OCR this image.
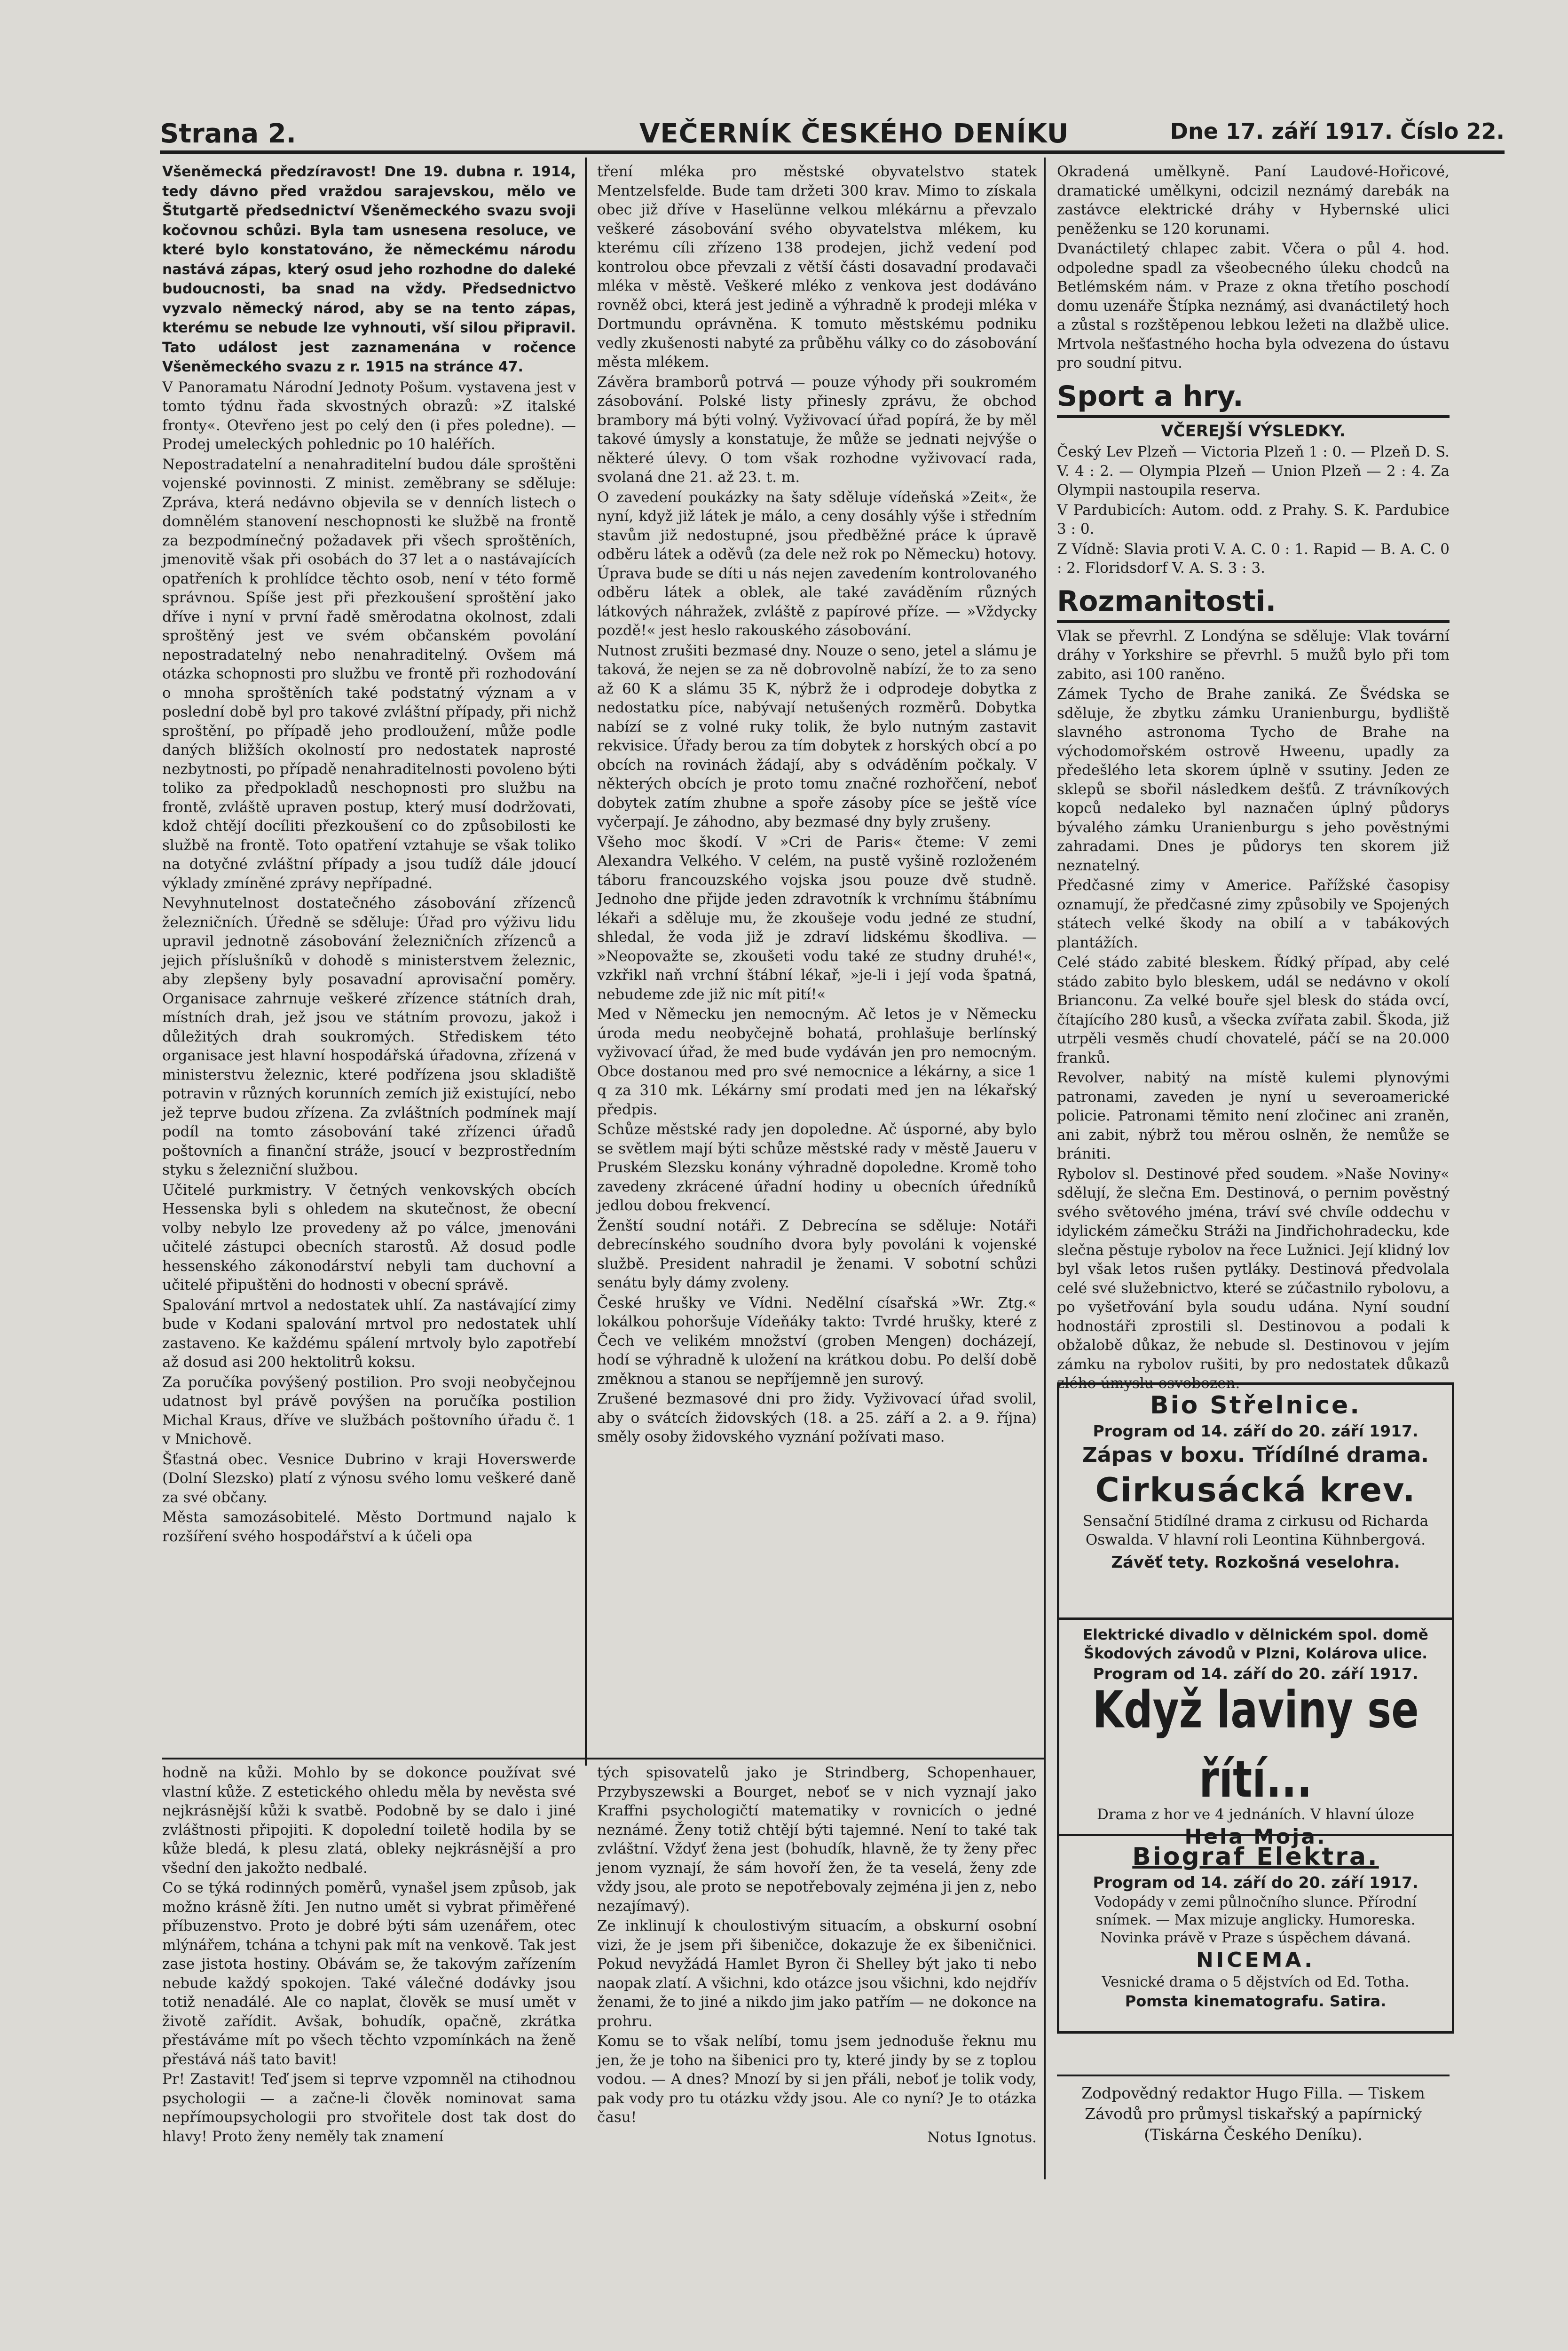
Strana 2.	VEČERNÍK ČESKÉHO DENÍKU	Dne 17. září 1917. Číslo 22.

Všeněmecká předzíravost! Dne 19. dubna r. 1914, tedy dávno před vraždou sarajevskou, mělo ve Štutgartě předsednictví Všeněmeckého svazu svoji kočovnou schůzi. Byla tam usnesena resoluce, ve které bylo konstatováno, že německému národu nastává zápas, který osud jeho rozhodne do daleké budoucnosti, ba snad na vždy. Předsednictvo vyzvalo německý národ, aby se na tento zápas, kterému se nebude lze vyhnouti, vší silou připravil. Tato událost jest zaznamenána v ročence Všeněmeckého svazu z r. 1915 na stránce 47.

V Panoramatu Národní Jednoty Pošum. vystavena jest v tomto týdnu řada skvostných obrazů: »Z italské fronty«. Otevřeno jest po celý den (i přes poledne). — Prodej umeleckých pohlednic po 10 haléřích.

Nepostradatelní a nenahraditelní budou dále sproštěni vojenské povinnosti. Z minist. zeměbrany se sděluje: Zpráva, která nedávno objevila se v denních listech o domnělém stanovení neschopnosti ke službě na frontě za bezpodmínečný požadavek při všech sproštěních, jmenovitě však při osobách do 37 let a o nastávajících opatřeních k prohlídce těchto osob, není v této formě správnou. Spíše jest při přezkoušení sproštění jako dříve i nyní v první řadě směrodatna okolnost, zdali sproštěný jest ve svém občanském povolání nepostradatelný nebo nenahraditelný. Ovšem má otázka schopnosti pro službu ve frontě při rozhodování o mnoha sproštěních také podstatný význam a v poslední době byl pro takové zvláštní případy, při nichž sproštění, po případě jeho prodloužení, může podle daných bližších okolností pro nedostatek naprosté nezbytnosti, po případě nenahraditelnosti povoleno býti toliko za předpokladů neschopnosti pro službu na frontě, zvláště upraven postup, který musí dodržovati, kdož chtějí docíliti přezkoušení co do způsobilosti ke službě na frontě. Toto opatření vztahuje se však toliko na dotyčné zvláštní případy a jsou tudíž dále jdoucí výklady zmíněné zprávy nepřípadné.

Nevyhnutelnost dostatečného zásobování zřízenců železničních. Úředně se sděluje: Úřad pro výživu lidu upravil jednotně zásobování železničních zřízenců a jejich příslušníků v dohodě s ministerstvem železnic, aby zlepšeny byly posavadní aprovisační poměry. Organisace zahrnuje veškeré zřízence státních drah, místních drah, jež jsou ve státním provozu, jakož i důležitých drah soukromých. Střediskem této organisace jest hlavní hospodářská úřadovna, zřízená v ministerstvu železnic, které podřízena jsou skladiště potravin v různých korunních zemích již existující, nebo jež teprve budou zřízena. Za zvláštních podmínek mají podíl na tomto zásobování také zřízenci úřadů poštovních a finanční stráže, jsoucí v bezprostředním styku s železniční službou.

Učitelé purkmistry. V četných venkovských obcích Hessenska byli s ohledem na skutečnost, že obecní volby nebylo lze provedeny až po válce, jmenováni učitelé zástupci obecních starostů. Až dosud podle hessenského zákonodárství nebyli tam duchovní a učitelé připuštěni do hodnosti v obecní správě.

Spalování mrtvol a nedostatek uhlí. Za nastávající zimy bude v Kodani spalování mrtvol pro nedostatek uhlí zastaveno. Ke každému spálení mrtvoly bylo zapotřebí až dosud asi 200 hektolitrů koksu.

Za poručíka povýšený postilion. Pro svoji neobyčejnou udatnost byl právě povýšen na poručíka postilion Michal Kraus, dříve ve službách poštovního úřadu č. 1 v Mnichově.

Šťastná obec. Vesnice Dubrino v kraji Hoverswerde (Dolní Slezsko) platí z výnosu svého lomu veškeré daně za své občany.

Města samozásobitelé. Město Dortmund najalo k rozšíření svého hospodářství a k účeli opa

tření mléka pro městské obyvatelstvo statek Mentzelsfelde. Bude tam držeti 300 krav. Mimo to získala obec již dříve v Haselünne velkou mlékárnu a převzalo veškeré zásobování svého obyvatelstva mlékem, ku kterému cíli zřízeno 138 prodejen, jichž vedení pod kontrolou obce převzali z větší části dosavadní prodavači mléka v městě. Veškeré mléko z venkova jest dodáváno rovněž obci, která jest jedině a výhradně k prodeji mléka v Dortmundu oprávněna. K tomuto městskému podniku vedly zkušenosti nabyté za průběhu války co do zásobování města mlékem.

Závěra bramborů potrvá — pouze výhody při soukromém zásobování. Polské listy přinesly zprávu, že obchod brambory má býti volný. Vyživovací úřad popírá, že by měl takové úmysly a konstatuje, že může se jednati nejvýše o některé úlevy. O tom však rozhodne vyživovací rada, svolaná dne 21. až 23. t. m.

O zavedení poukázky na šaty sděluje vídeňská »Zeit«, že nyní, když již látek je málo, a ceny dosáhly výše i středním stavům již nedostupné, jsou předběžné práce k úpravě odběru látek a oděvů (za dele než rok po Německu) hotovy. Úprava bude se díti u nás nejen zavedením kontrolovaného odběru látek a oblek, ale také zaváděním různých látkových náhražek, zvláště z papírové příze. — »Vždycky pozdě!« jest heslo rakouského zásobování.

Nutnost zrušiti bezmasé dny. Nouze o seno, jetel a slámu je taková, že nejen se za ně dobrovolně nabízí, že to za seno až 60 K a slámu 35 K, nýbrž že i odprodeje dobytka z nedostatku píce, nabývají netušených rozměrů. Dobytka nabízí se z volné ruky tolik, že bylo nutným zastavit rekvisice. Úřady berou za tím dobytek z horských obcí a po obcích na rovinách žádají, aby s odváděním počkaly. V některých obcích je proto tomu značné rozhořčení, neboť dobytek zatím zhubne a spoře zásoby píce se ještě více vyčerpají. Je záhodno, aby bezmasé dny byly zrušeny.

Všeho moc škodí. V »Cri de Paris« čteme: V zemi Alexandra Velkého. V celém, na pustě vyšině rozloženém táboru francouzského vojska jsou pouze dvě studně. Jednoho dne přijde jeden zdravotník k vrchnímu štábnímu lékaři a sděluje mu, že zkoušeje vodu jedné ze studní, shledal, že voda již je zdraví lidskému škodliva. — »Neopovažte se, zkoušeti vodu také ze studny druhé!«, vzkřikl naň vrchní štábní lékař, »je-li i její voda špatná, nebudeme zde již nic mít pití!«

Med v Německu jen nemocným. Ač letos je v Německu úroda medu neobyčejně bohatá, prohlašuje berlínský vyživovací úřad, že med bude vydáván jen pro nemocným. Obce dostanou med pro své nemocnice a lékárny, a sice 1 q za 310 mk. Lékárny smí prodati med jen na lékařský předpis.

Schůze městské rady jen dopoledne. Ač úsporné, aby bylo se světlem mají býti schůze městské rady v městě Jaueru v Pruském Slezsku konány výhradně dopoledne. Kromě toho zavedeny zkrácené úřadní hodiny u obecních úředníků jedlou dobou frekvencí.

Ženští soudní notáři. Z Debrecína se sděluje: Notáři debrecínského soudního dvora byly povoláni k vojenské službě. President nahradil je ženami. V sobotní schůzi senátu byly dámy zvoleny.

České hrušky ve Vídni. Nedělní císařská »Wr. Ztg.« lokálkou pohoršuje Vídeňáky takto: Tvrdé hrušky, které z Čech ve velikém množství (groben Mengen) docházejí, hodí se výhradně k uložení na krátkou dobu. Po delší době změknou a stanou se nepříjemně jen surový.

Zrušené bezmasové dni pro židy. Vyživovací úřad svolil, aby o svátcích židovských (18. a 25. září a 2. a 9. října) směly osoby židovského vyznání požívati maso.

hodně na kůži. Mohlo by se dokonce používat své vlastní kůže. Z estetického ohledu měla by nevěsta své nejkrásnější kůži k svatbě. Podobně by se dalo i jiné zvláštnosti připojiti. K dopolední toiletě hodila by se kůže bledá, k plesu zlatá, obleky nejkrásnější a pro všední den jakožto nedbalé.

Co se týká rodinných poměrů, vynašel jsem způsob, jak možno krásně žíti. Jen nutno umět si vybrat přiměřené příbuzenstvo. Proto je dobré býti sám uzenářem, otec mlýnářem, tchána a tchyni pak mít na venkově. Tak jest zase jistota hostiny. Obávám se, že takovým zařízením nebude každý spokojen. Také válečné dodávky jsou totiž nenadálé. Ale co naplat, člověk se musí umět v životě zařídit. Avšak, bohudík, opačně, zkrátka přestáváme mít po všech těchto vzpomínkách na ženě přestává náš tato bavit!

Pr! Zastavit! Teď jsem si teprve vzpomněl na ctihodnou psychologii — a začne-li člověk nominovat sama nepřímoupsychologii pro stvořitele dost tak dost do hlavy! Proto ženy neměly tak znamení

tých spisovatelů jako je Strindberg, Schopenhauer, Przybyszewski a Bourget, neboť se v nich vyznají jako Kraffni psychologičtí matematiky v rovnicích o jedné neznámé. Ženy totiž chtějí býti tajemné. Není to také tak zvláštní. Vždyť žena jest (bohudík, hlavně, že ty ženy přec jenom vyznají, že sám hovoří žen, že ta veselá, ženy zde vždy jsou, ale proto se nepotřebovaly zejména ji jen z, nebo nezajímavý).

Ze inklinují k choulostivým situacím, a obskurní osobní vizi, že je jsem při šibeničce, dokazuje že ex šibeničnici. Pokud nevyžádá Hamlet Byron či Shelley být jako ti nebo naopak zlatí. A všichni, kdo otázce jsou všichni, kdo nejdřív ženami, že to jiné a nikdo jim jako patřím — ne dokonce na prohru.

Komu se to však nelíbí, tomu jsem jednoduše řeknu mu jen, že je toho na šibenici pro ty, které jindy by se z toplou vodou. — A dnes? Mnozí by si jen přáli, neboť je tolik vody, pak vody pro tu otázku vždy jsou. Ale co nyní? Je to otázka času!

Notus Ignotus.

Okradená umělkyně. Paní Laudové-Hořicové, dramatické umělkyni, odcizil neznámý darebák na zastávce elektrické dráhy v Hybernské ulici peněženku se 120 korunami.

Dvanáctiletý chlapec zabit. Včera o půl 4. hod. odpoledne spadl za všeobecného úleku chodců na Betlémském nám. v Praze z okna třetího poschodí domu uzenáře Štípka neznámý, asi dvanáctiletý hoch a zůstal s rozštěpenou lebkou ležeti na dlažbě ulice. Mrtvola nešťastného hocha byla odvezena do ústavu pro soudní pitvu.

Sport a hry.
VČEREJŠÍ VÝSLEDKY.

Český Lev Plzeň — Victoria Plzeň 1 : 0. — Plzeň D. S. V. 4 : 2. — Olympia Plzeň — Union Plzeň — 2 : 4. Za Olympii nastoupila reserva.

V Pardubicích: Autom. odd. z Prahy. S. K. Pardubice 3 : 0.

Z Vídně: Slavia proti V. A. C. 0 : 1. Rapid — B. A. C. 0 : 2. Floridsdorf V. A. S. 3 : 3.

Rozmanitosti.

Vlak se převrhl. Z Londýna se sděluje: Vlak tovární dráhy v Yorkshire se převrhl. 5 mužů bylo při tom zabito, asi 100 raněno.

Zámek Tycho de Brahe zaniká. Ze Švédska se sděluje, že zbytku zámku Uranienburgu, bydliště slavného astronoma Tycho de Brahe na východomořském ostrově Hweenu, upadly za předešlého leta skorem úplně v ssutiny. Jeden ze sklepů se sbořil následkem dešťů. Z trávníkových kopců nedaleko byl naznačen úplný půdorys bývalého zámku Uranienburgu s jeho pověstnými zahradami. Dnes je půdorys ten skorem již neznatelný.

Předčasné zimy v Americe. Pařížské časopisy oznamují, že předčasné zimy způsobily ve Spojených státech velké škody na obilí a v tabákových plantážích.

Celé stádo zabité bleskem. Řídký případ, aby celé stádo zabito bylo bleskem, udál se nedávno v okolí Brianconu. Za velké bouře sjel blesk do stáda ovcí, čítajícího 280 kusů, a všecka zvířata zabil. Škoda, již utrpěli vesměs chudí chovatelé, páčí se na 20.000 franků.

Revolver, nabitý na místě kulemi plynovými patronami, zaveden je nyní u severoamerické policie. Patronami těmito není zločinec ani zraněn, ani zabit, nýbrž tou měrou oslněn, že nemůže se brániti.

Rybolov sl. Destinové před soudem. »Naše Noviny« sdělují, že slečna Em. Destinová, o pernim pověstný svého světového jména, tráví své chvíle oddechu v idylickém zámečku Stráži na Jindřichohradecku, kde slečna pěstuje rybolov na řece Lužnici. Její klidný lov byl však letos rušen pytláky. Destinová předvolala celé své služebnictvo, které se zúčastnilo rybolovu, a po vyšetřování byla soudu udána. Nyní soudní hodnostáři zprostili sl. Destinovou a podali k obžalobě důkaz, že nebude sl. Destinovou v jejím zámku na rybolov rušiti, by pro nedostatek důkazů zlého úmyslu osvobozen.

Bio Střelnice.
Program od 14. září do 20. září 1917.
Zápas v boxu. Třídílné drama.
Cirkusácká krev.
Sensační 5tidílné drama z cirkusu od Richarda Oswalda. V hlavní roli Leontina Kühnbergová.
Závěť tety. Rozkošná veselohra.
Elektrické divadlo v dělnickém spol. domě Škodových závodů v Plzni, Kolárova ulice.
Program od 14. září do 20. září 1917.
Když laviny se řítí...
Drama z hor ve 4 jednáních. V hlavní úloze
Hela Moja.
Biograf Elektra.
Program od 14. září do 20. září 1917.
Vodopády v zemi půlnočního slunce. Přírodní snímek. — Max mizuje anglicky. Humoreska. Novinka právě v Praze s úspěchem dávaná.
NICEMA.
Vesnické drama o 5 dějstvích od Ed. Totha.
Pomsta kinematografu. Satira.
Zodpovědný redaktor Hugo Filla. — Tiskem Závodů pro průmysl tiskařský a papírnický (Tiskárna Českého Deníku).
